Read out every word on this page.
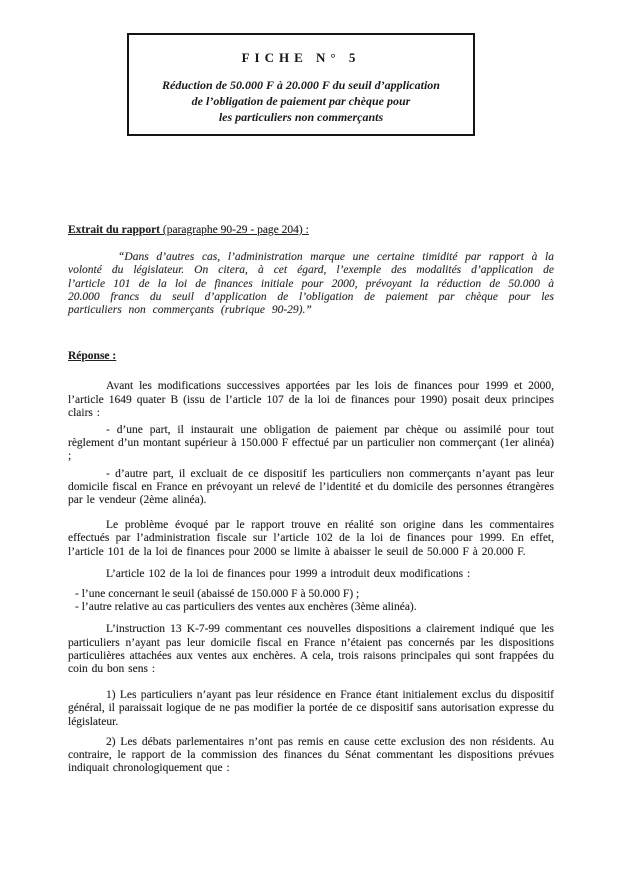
FICHE N° 5
Réduction de 50.000 F à 20.000 F du seuil d’application
de l’obligation de paiement par chèque pour
les particuliers non commerçants
Extrait du rapport (paragraphe 90-29 - page 204) :

“Dans d’autres cas, l’administration marque une certaine timidité par rapport à la volonté du législateur. On citera, à cet égard, l’exemple des modalités d’application de l’article 101 de la loi de finances initiale pour 2000, prévoyant la réduction de 50.000 à 20.000 francs du seuil d’application de l’obligation de paiement par chèque pour les particuliers non commerçants (rubrique 90-29).”

Réponse :

Avant les modifications successives apportées par les lois de finances pour 1999 et 2000, l’article 1649 quater B (issu de l’article 107 de la loi de finances pour 1990) posait deux principes clairs :

- d’une part, il instaurait une obligation de paiement par chèque ou assimilé pour tout règlement d’un montant supérieur à 150.000 F effectué par un particulier non commerçant (1er alinéa) ;

- d’autre part, il excluait de ce dispositif les particuliers non commerçants n’ayant pas leur domicile fiscal en France en prévoyant un relevé de l’identité et du domicile des personnes étrangères par le vendeur (2ème alinéa).

Le problème évoqué par le rapport trouve en réalité son origine dans les commentaires effectués par l’administration fiscale sur l’article 102 de la loi de finances pour 1999. En effet, l’article 101 de la loi de finances pour 2000 se limite à abaisser le seuil de 50.000 F à 20.000 F.

L’article 102 de la loi de finances pour 1999 a introduit deux modifications :

- l’une concernant le seuil (abaissé de 150.000 F à 50.000 F) ;

- l’autre relative au cas particuliers des ventes aux enchères (3ème alinéa).

L’instruction 13 K-7-99 commentant ces nouvelles dispositions a clairement indiqué que les particuliers n’ayant pas leur domicile fiscal en France n’étaient pas concernés par les dispositions particulières attachées aux ventes aux enchères. A cela, trois raisons principales qui sont frappées du coin du bon sens :

1) Les particuliers n’ayant pas leur résidence en France étant initialement exclus du dispositif général, il paraissait logique de ne pas modifier la portée de ce dispositif sans autorisation expresse du législateur.

2) Les débats parlementaires n’ont pas remis en cause cette exclusion des non résidents. Au contraire, le rapport de la commission des finances du Sénat commentant les dispositions prévues indiquait chronologiquement que :
